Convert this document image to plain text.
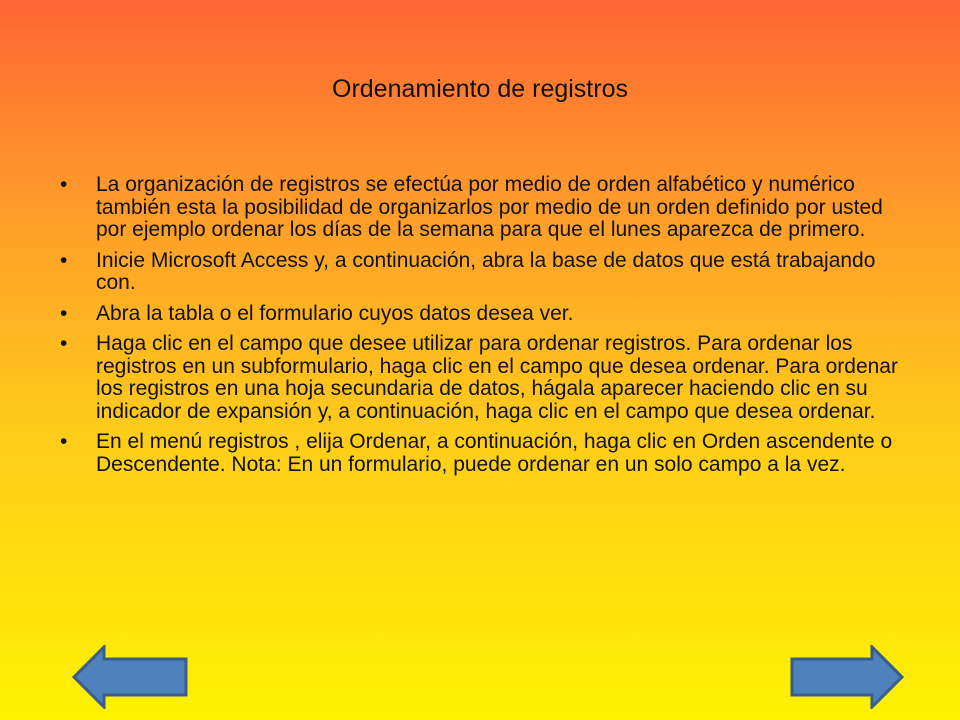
Ordenamiento de registros
•	La organización de registros se efectúa por medio de orden alfabético y numérico también esta la posibilidad de organizarlos por medio de un orden definido por usted por ejemplo ordenar los días de la semana para que el lunes aparezca de primero.
•	Inicie Microsoft Access y, a continuación, abra la base de datos que está trabajando con.
•	Abra la tabla o el formulario cuyos datos desea ver.
•	Haga clic en el campo que desee utilizar para ordenar registros. Para ordenar los registros en un subformulario, haga clic en el campo que desea ordenar. Para ordenar los registros en una hoja secundaria de datos, hágala aparecer haciendo clic en su indicador de expansión y, a continuación, haga clic en el campo que desea ordenar.
•	En el menú registros , elija Ordenar, a continuación, haga clic en Orden ascendente o Descendente. Nota: En un formulario, puede ordenar en un solo campo a la vez.
